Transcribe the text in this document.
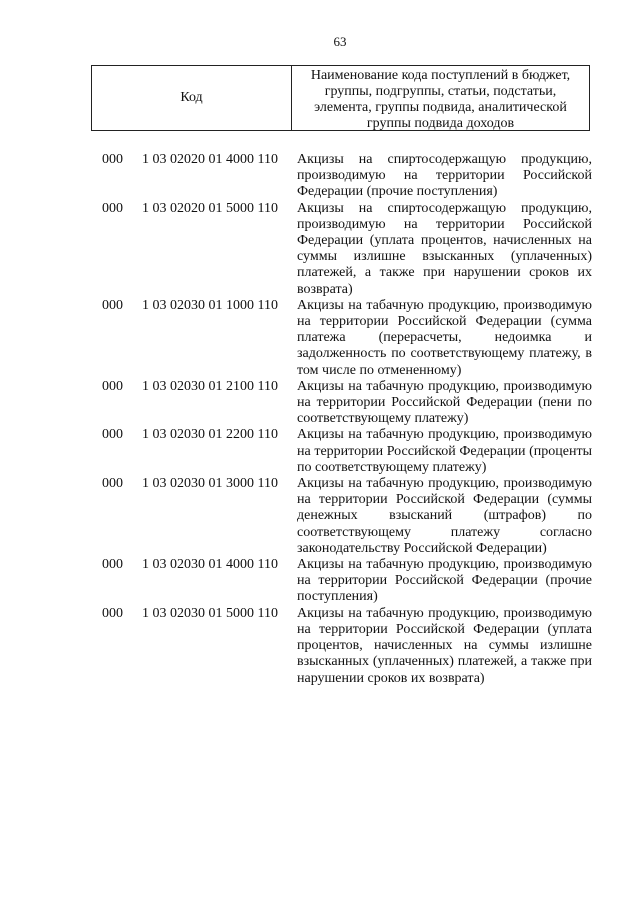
63
Код
Наименование кода поступлений в бюджет, группы, подгруппы, статьи, подстатьи, элемента, группы подвида, аналитической группы подвида доходов
000	1 03 02020 01 4000 110	Акцизы на спиртосодержащую продукцию, производимую на территории Российской Федерации (прочие поступления)
000	1 03 02020 01 5000 110	Акцизы на спиртосодержащую продукцию, производимую на территории Российской Федерации (уплата процентов, начисленных на суммы излишне взысканных (уплаченных) платежей, а также при нарушении сроков их возврата)
000	1 03 02030 01 1000 110	Акцизы на табачную продукцию, производимую на территории Российской Федерации (сумма платежа (перерасчеты, недоимка и задолженность по соответствующему платежу, в том числе по отмененному)
000	1 03 02030 01 2100 110	Акцизы на табачную продукцию, производимую на территории Российской Федерации (пени по соответствующему платежу)
000	1 03 02030 01 2200 110	Акцизы на табачную продукцию, производимую на территории Российской Федерации (проценты по соответствующему платежу)
000	1 03 02030 01 3000 110	Акцизы на табачную продукцию, производимую на территории Российской Федерации (суммы денежных взысканий (штрафов) по соответствующему платежу согласно законодательству Российской Федерации)
000	1 03 02030 01 4000 110	Акцизы на табачную продукцию, производимую на территории Российской Федерации (прочие поступления)
000	1 03 02030 01 5000 110	Акцизы на табачную продукцию, производимую на территории Российской Федерации (уплата процентов, начисленных на суммы излишне взысканных (уплаченных) платежей, а также при нарушении сроков их возврата)
